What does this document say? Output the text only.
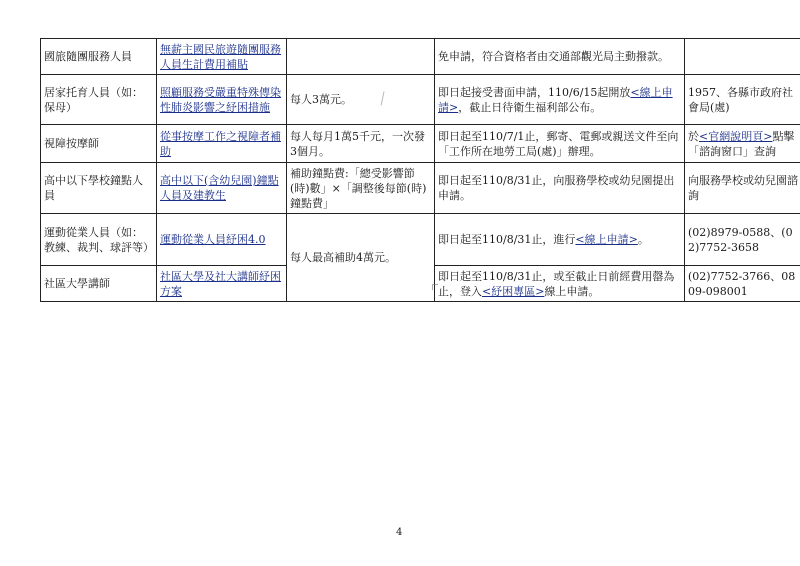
國旅隨團服務人員	無薪主國民旅遊隨團服務人員生計費用補貼		免申請，符合資格者由交通部觀光局主動撥款。	
居家托育人員（如：保母）	照顧服務受嚴重特殊傳染性肺炎影響之紓困措施	每人3萬元。	即日起接受書面申請，110/6/15起開放<線上申請>，截止日待衛生福利部公布。	1957、各縣市政府社會局(處)
視障按摩師	從事按摩工作之視障者補助	每人每月1萬5千元，一次發3個月。	即日起至110/7/1止，郵寄、電郵或親送文件至向「工作所在地勞工局(處)」辦理。	於<官網說明頁>點擊「諮詢窗口」查詢
高中以下學校鐘點人員	高中以下(含幼兒園)鐘點人員及建教生	補助鐘點費:「總受影響節(時)數」×「調整後每節(時)鐘點費」	即日起至110/8/31止，向服務學校或幼兒園提出申請。	向服務學校或幼兒園諮詢
運動從業人員（如：教練、裁判、球評等）	運動從業人員紓困4.0	每人最高補助4萬元。	即日起至110/8/31止，進行<線上申請>。	(02)8979-0588、(02)7752-3658
社區大學講師	社區大學及社大講師紓困方案		即日起至110/8/31止，或至截止日前經費用罄為止，登入<紓困專區>線上申請。	(02)7752-3766、0809-098001
4
